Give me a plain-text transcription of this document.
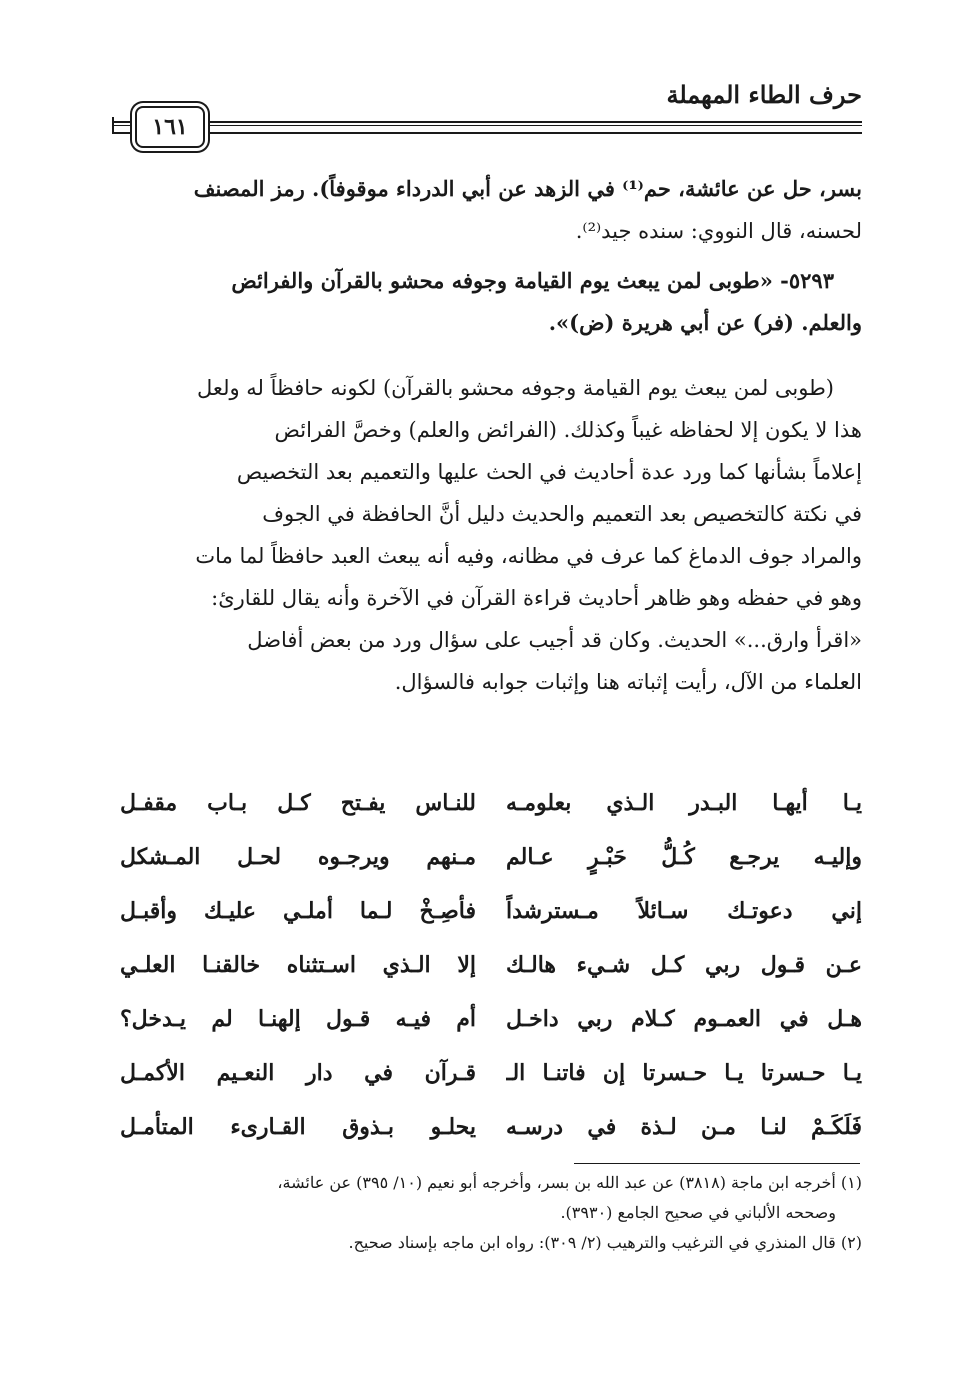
حرف الطاء المهملة
١٦١

بسر، حل عن عائشة، حم⁽¹⁾ في الزهد عن أبي الدرداء موقوفاً). رمز المصنف

لحسنه، قال النووي: سنده جيد⁽²⁾.

٥٢٩٣- «طوبى لمن يبعث يوم القيامة وجوفه محشو بالقرآن والفرائض

والعلم. (فر) عن أبي هريرة (ض)».

(طوبى لمن يبعث يوم القيامة وجوفه محشو بالقرآن) لكونه حافظاً له ولعل

هذا لا يكون إلا لحفاظه غيباً وكذلك. (الفرائض والعلم) وخصَّ الفرائض

إعلاماً بشأنها كما ورد عدة أحاديث في الحث عليها والتعميم بعد التخصيص

في نكتة كالتخصيص بعد التعميم والحديث دليل أنَّ الحافظة في الجوف

والمراد جوف الدماغ كما عرف في مظانه، وفيه أنه يبعث العبد حافظاً لما مات

وهو في حفظه وهو ظاهر أحاديث قراءة القرآن في الآخرة وأنه يقال للقارئ:

«اقرأ وارق...» الحديث. وكان قد أجيب على سؤال ورد من بعض أفاضل

العلماء من الآل، رأيت إثباته هنا وإثبات جوابه فالسؤال.

يـا أيهـا البـدر الـذي بعلومـه
للنـاس يفـتح كـل بـاب مقفـل
وإليـه يرجـع كُـلُّ حَبْـرٍ عـالم
مـنهم ويرجـوه لحـل المـشكل
إني دعوتـك سـائلاً مـسترشداً
فأصِـخْ لـما أملـي عليـك وأقبـل
عـن قـول ربي كـل شـيء هالـك
إلا الـذي اسـتثناه خالقنـا العلـي
هـل في العمـوم كـلام ربي داخـل
أم فيـه قـول إلهنـا لم يـدخل؟
يـا حـسرتا يـا حـسرتا إن فاتنـا الـ
قـرآن في دار النعـيم الأكمـل
فَلَكَـمْ لنـا مـن لـذة في درسـه
يحلـو بـذوق القـارىء المتأمـل

(١) أخرجه ابن ماجة (٣٨١٨) عن عبد الله بن بسر، وأخرجه أبو نعيم (١٠/ ٣٩٥) عن عائشة،

وصححه الألباني في صحيح الجامع (٣٩٣٠).

(٢) قال المنذري في الترغيب والترهيب (٢/ ٣٠٩): رواه ابن ماجه بإسناد صحيح.
